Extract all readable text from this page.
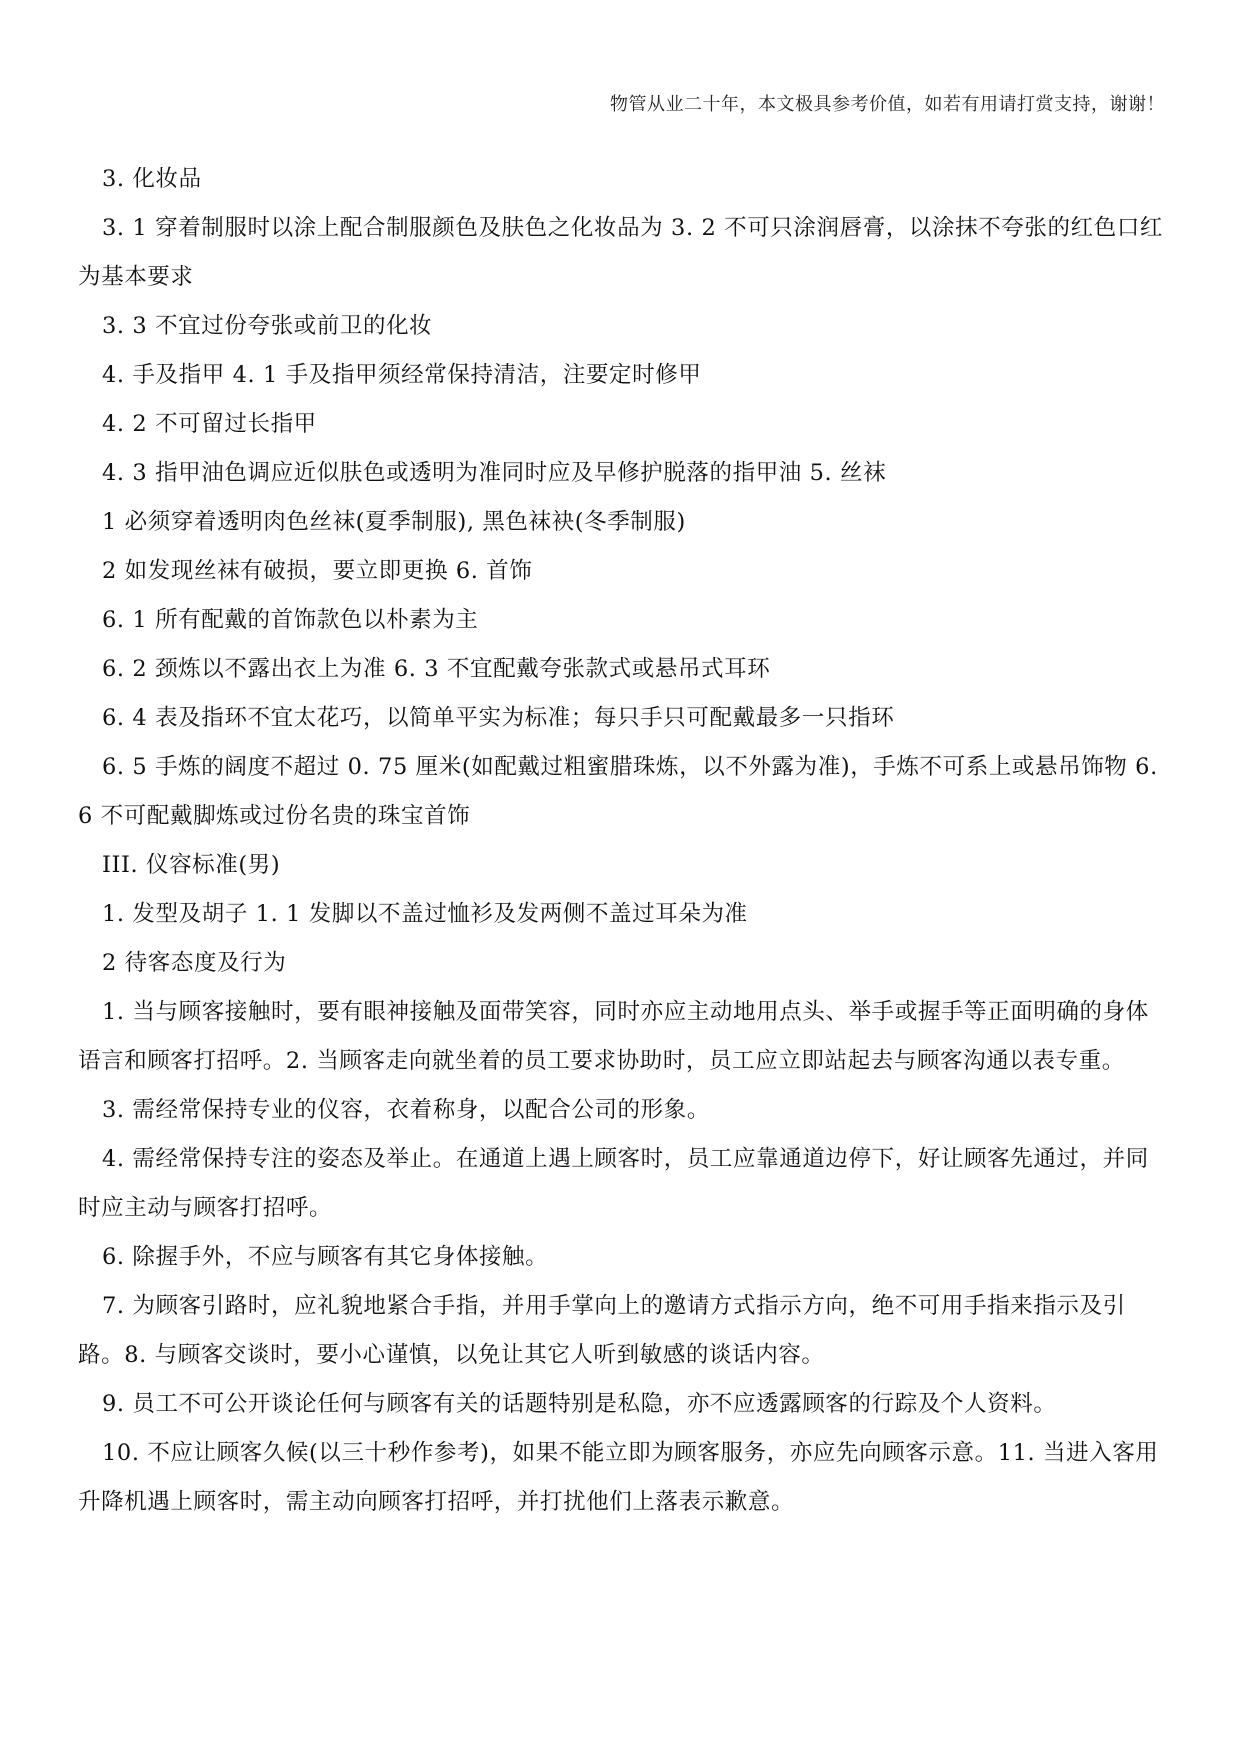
物管从业二十年，本文极具参考价值，如若有用请打赏支持，谢谢！

3. 化妆品

3. 1 穿着制服时以涂上配合制服颜色及肤色之化妆品为 3. 2 不可只涂润唇膏，以涂抹不夸张的红色口红为基本要求

3. 3 不宜过份夸张或前卫的化妆

4. 手及指甲 4. 1 手及指甲须经常保持清洁，注要定时修甲

4. 2 不可留过长指甲

4. 3 指甲油色调应近似肤色或透明为准同时应及早修护脱落的指甲油 5. 丝袜

1 必须穿着透明肉色丝袜(夏季制服), 黑色袜袂(冬季制服)

2 如发现丝袜有破损，要立即更换 6. 首饰

6. 1 所有配戴的首饰款色以朴素为主

6. 2 颈炼以不露出衣上为准 6. 3 不宜配戴夸张款式或悬吊式耳环

6. 4 表及指环不宜太花巧，以简单平实为标准；每只手只可配戴最多一只指环

6. 5 手炼的阔度不超过 0. 75 厘米(如配戴过粗蜜腊珠炼，以不外露为准)，手炼不可系上或悬吊饰物 6. 6 不可配戴脚炼或过份名贵的珠宝首饰

III. 仪容标准(男)

1. 发型及胡子 1. 1 发脚以不盖过恤衫及发两侧不盖过耳朵为准

2 待客态度及行为

1. 当与顾客接触时，要有眼神接触及面带笑容，同时亦应主动地用点头、举手或握手等正面明确的身体语言和顾客打招呼。2. 当顾客走向就坐着的员工要求协助时，员工应立即站起去与顾客沟通以表专重。

3. 需经常保持专业的仪容，衣着称身，以配合公司的形象。

4. 需经常保持专注的姿态及举止。在通道上遇上顾客时，员工应靠通道边停下，好让顾客先通过，并同时应主动与顾客打招呼。

6. 除握手外，不应与顾客有其它身体接触。

7. 为顾客引路时，应礼貌地紧合手指，并用手掌向上的邀请方式指示方向，绝不可用手指来指示及引路。8. 与顾客交谈时，要小心谨慎，以免让其它人听到敏感的谈话内容。

9. 员工不可公开谈论任何与顾客有关的话题特别是私隐，亦不应透露顾客的行踪及个人资料。

10. 不应让顾客久候(以三十秒作参考)，如果不能立即为顾客服务，亦应先向顾客示意。11. 当进入客用升降机遇上顾客时，需主动向顾客打招呼，并打扰他们上落表示歉意。
